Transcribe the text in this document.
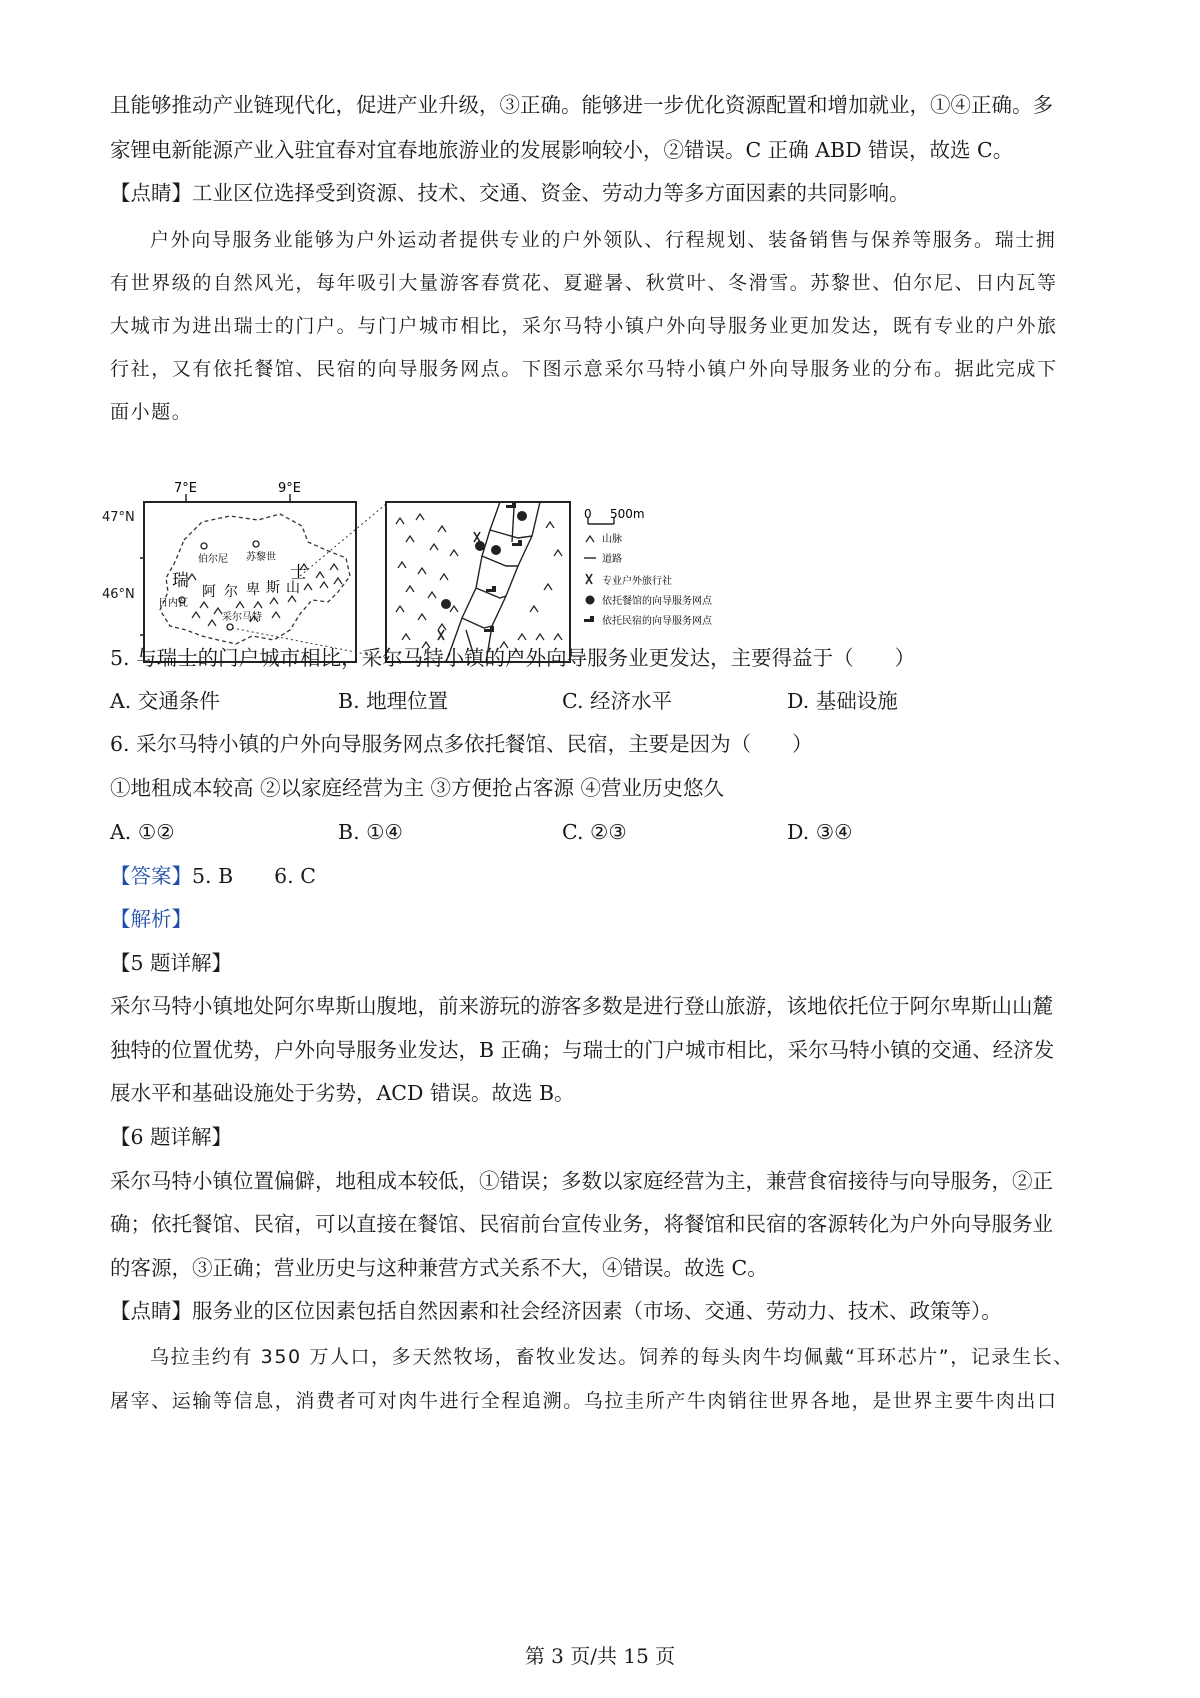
且能够推动产业链现代化，促进产业升级，③正确。能够进一步优化资源配置和增加就业，①④正确。多
家锂电新能源产业入驻宜春对宜春地旅游业的发展影响较小，②错误。C 正确 ABD 错误，故选 C。
【点睛】工业区位选择受到资源、技术、交通、资金、劳动力等多方面因素的共同影响。
户外向导服务业能够为户外运动者提供专业的户外领队、行程规划、装备销售与保养等服务。瑞士拥
有世界级的自然风光，每年吸引大量游客春赏花、夏避暑、秋赏叶、冬滑雪。苏黎世、伯尔尼、日内瓦等
大城市为进出瑞士的门户。与门户城市相比，采尔马特小镇户外向导服务业更加发达，既有专业的户外旅
行社，又有依托餐馆、民宿的向导服务网点。下图示意采尔马特小镇户外向导服务业的分布。据此完成下
面小题。
7°E	9°E
伯尔尼 苏黎世
日内瓦
采尔马特
瑞	士
阿 尔 卑 斯 山
0 500m
山脉
道路
专业户外旅行社
依托餐馆的向导服务网点
依托民宿的向导服务网点
47°N
46°N
5. 与瑞士的门户城市相比，采尔马特小镇的户外向导服务业更发达，主要得益于（　　）
A. 交通条件	B. 地理位置	C. 经济水平	D. 基础设施
6. 采尔马特小镇的户外向导服务网点多依托餐馆、民宿，主要是因为（　　）
①地租成本较高 ②以家庭经营为主 ③方便抢占客源 ④营业历史悠久
A. ①②	B. ①④	C. ②③	D. ③④
【答案】5. B　　6. C
【解析】
【5 题详解】
采尔马特小镇地处阿尔卑斯山腹地，前来游玩的游客多数是进行登山旅游，该地依托位于阿尔卑斯山山麓
独特的位置优势，户外向导服务业发达，B 正确；与瑞士的门户城市相比，采尔马特小镇的交通、经济发
展水平和基础设施处于劣势，ACD 错误。故选 B。
【6 题详解】
采尔马特小镇位置偏僻，地租成本较低，①错误；多数以家庭经营为主，兼营食宿接待与向导服务，②正
确；依托餐馆、民宿，可以直接在餐馆、民宿前台宣传业务，将餐馆和民宿的客源转化为户外向导服务业
的客源，③正确；营业历史与这种兼营方式关系不大，④错误。故选 C。
【点睛】服务业的区位因素包括自然因素和社会经济因素（市场、交通、劳动力、技术、政策等）。
乌拉圭约有 350 万人口，多天然牧场，畜牧业发达。饲养的每头肉牛均佩戴“耳环芯片”，记录生长、
屠宰、运输等信息，消费者可对肉牛进行全程追溯。乌拉圭所产牛肉销往世界各地，是世界主要牛肉出口
第 3 页/共 15 页
